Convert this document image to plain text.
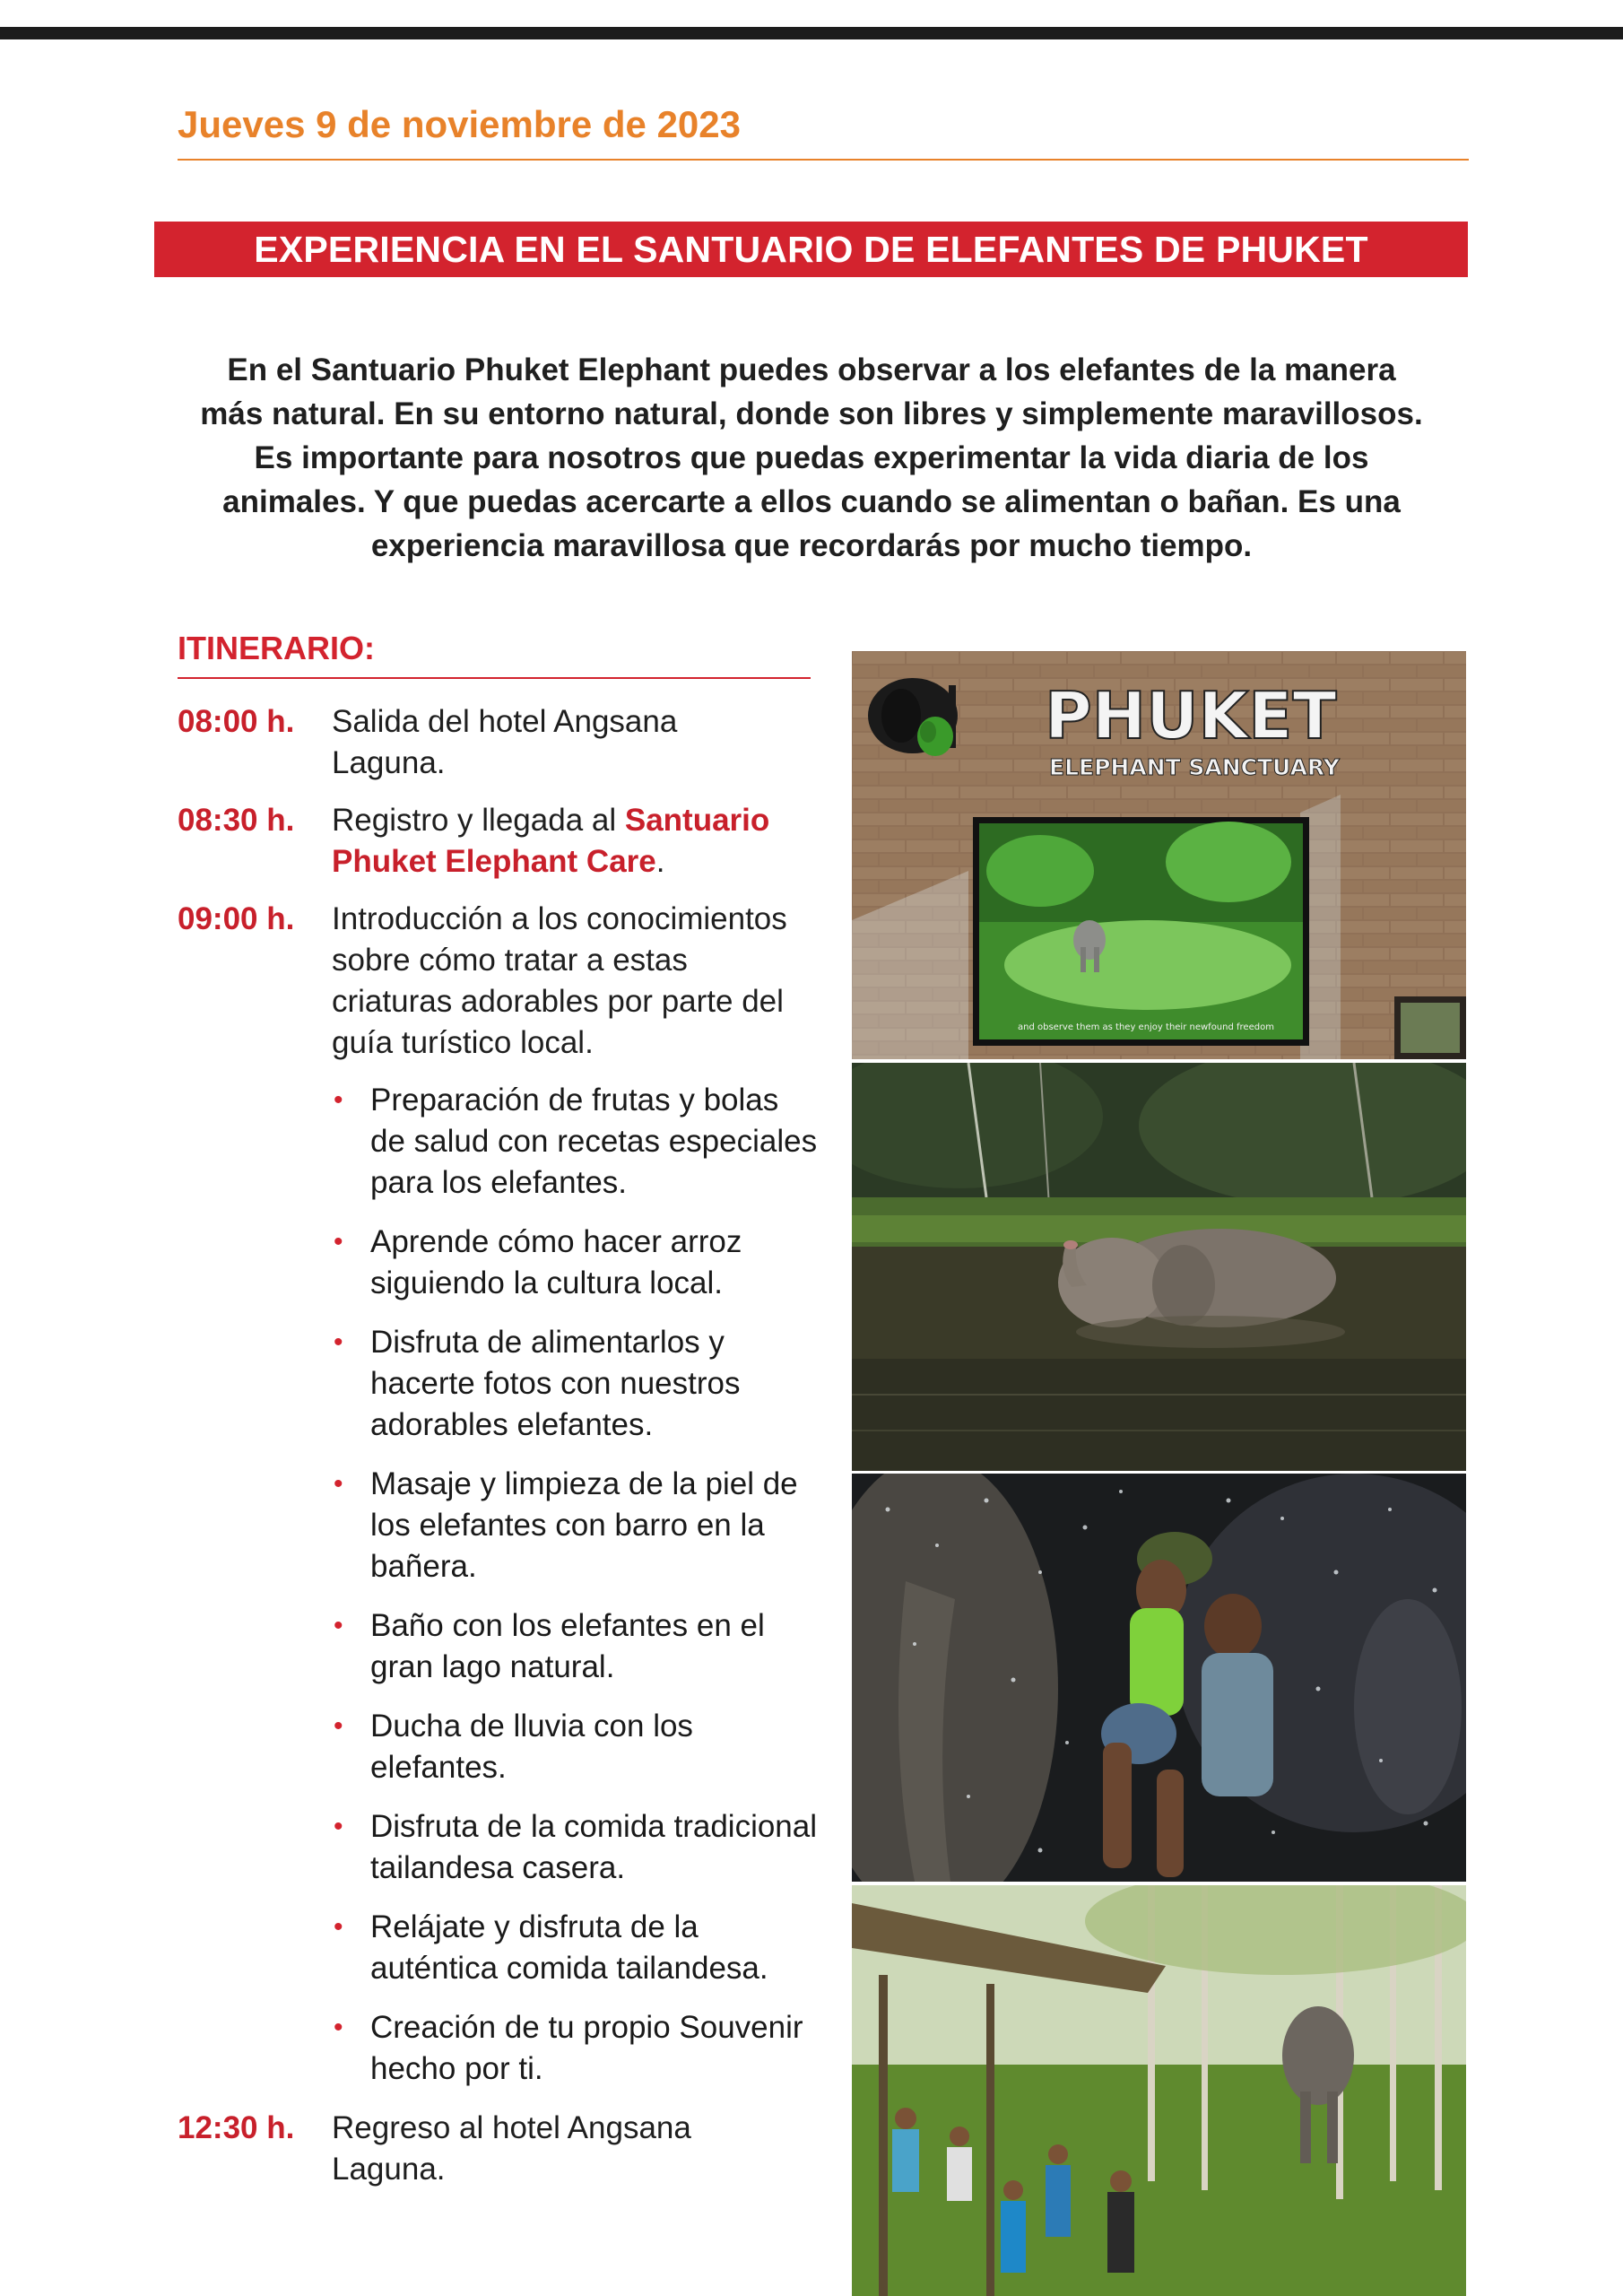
Jueves 9 de noviembre de 2023
EXPERIENCIA EN EL SANTUARIO DE ELEFANTES DE PHUKET
En el Santuario Phuket Elephant puedes observar a los elefantes de la manera más natural. En su entorno natural, donde son libres y simplemente maravillosos. Es importante para nosotros que puedas experimentar la vida diaria de los animales. Y que puedas acercarte a ellos cuando se alimentan o bañan. Es una experiencia maravillosa que recordarás por mucho tiempo.
ITINERARIO:
08:00 h.	Salida del hotel Angsana Laguna.
08:30 h.	Registro y llegada al Santuario Phuket Elephant Care.
09:00 h.	Introducción a los conocimientos sobre cómo tratar a estas criaturas adorables por parte del guía turístico local.
• Preparación de frutas y bolas de salud con recetas especiales para los elefantes.
• Aprende cómo hacer arroz siguiendo la cultura local.
• Disfruta de alimentarlos y hacerte fotos con nuestros adorables elefantes.
• Masaje y limpieza de la piel de los elefantes con barro en la bañera.
• Baño con los elefantes en el gran lago natural.
• Ducha de lluvia con los elefantes.
• Disfruta de la comida tradicional tailandesa casera.
• Relájate y disfruta de la auténtica comida tailandesa.
• Creación de tu propio Souvenir hecho por ti.
12:30 h.	Regreso al hotel Angsana Laguna.
PHUKET
ELEPHANT SANCTUARY
and observe them as they enjoy their newfound freedom
